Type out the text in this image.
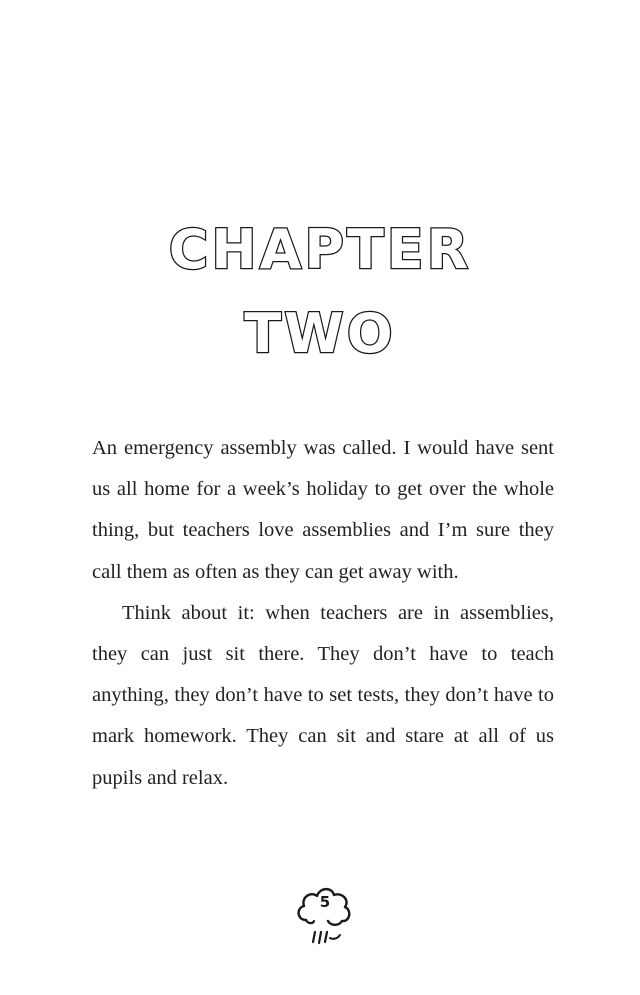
CHAPTER
TWO

An emergency assembly was called. I would have sent us all home for a week’s holiday to get over the whole thing, but teachers love assemblies and I’m sure they call them as often as they can get away with.

Think about it: when teachers are in assemblies, they can just sit there. They don’t have to teach anything, they don’t have to set tests, they don’t have to mark homework. They can sit and stare at all of us pupils and relax.

5
